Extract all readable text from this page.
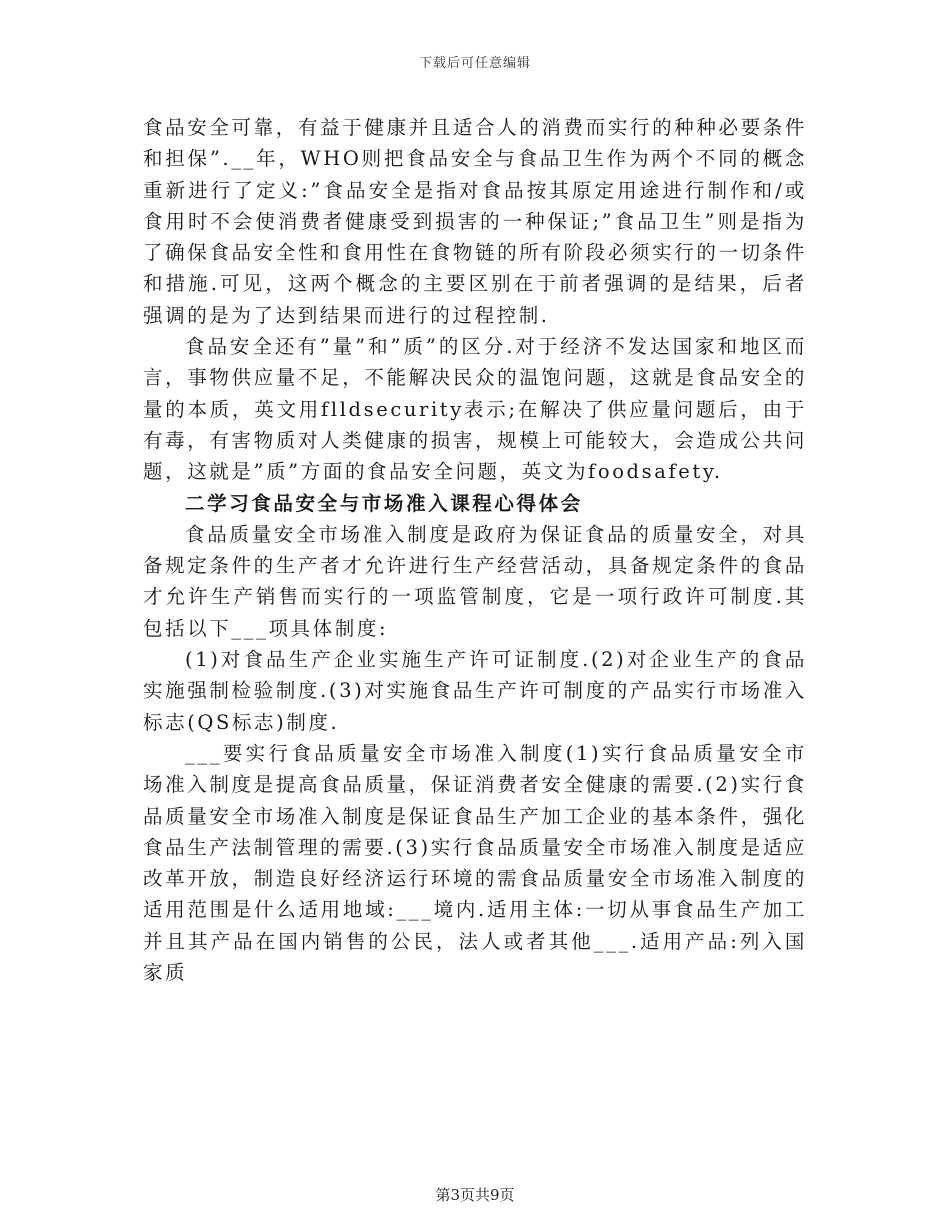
下载后可任意编辑

食品安全可靠，有益于健康并且适合人的消费而实行的种种必要条件和担保”.__年，WHO则把食品安全与食品卫生作为两个不同的概念重新进行了定义:”食品安全是指对食品按其原定用途进行制作和/或食用时不会使消费者健康受到损害的一种保证;”食品卫生”则是指为了确保食品安全性和食用性在食物链的所有阶段必须实行的一切条件和措施.可见，这两个概念的主要区别在于前者强调的是结果，后者强调的是为了达到结果而进行的过程控制.

食品安全还有”量”和”质”的区分.对于经济不发达国家和地区而言，事物供应量不足，不能解决民众的温饱问题，这就是食品安全的量的本质，英文用flldsecurity表示;在解决了供应量问题后，由于有毒，有害物质对人类健康的损害，规模上可能较大，会造成公共问题，这就是”质”方面的食品安全问题，英文为foodsafety.

二学习食品安全与市场准入课程心得体会

食品质量安全市场准入制度是政府为保证食品的质量安全，对具备规定条件的生产者才允许进行生产经营活动，具备规定条件的食品才允许生产销售而实行的一项监管制度，它是一项行政许可制度.其包括以下___项具体制度:

(1)对食品生产企业实施生产许可证制度.(2)对企业生产的食品实施强制检验制度.(3)对实施食品生产许可制度的产品实行市场准入标志(QS标志)制度.

___要实行食品质量安全市场准入制度(1)实行食品质量安全市场准入制度是提高食品质量，保证消费者安全健康的需要.(2)实行食品质量安全市场准入制度是保证食品生产加工企业的基本条件，强化食品生产法制管理的需要.(3)实行食品质量安全市场准入制度是适应改革开放，制造良好经济运行环境的需食品质量安全市场准入制度的适用范围是什么适用地域:___境内.适用主体:一切从事食品生产加工并且其产品在国内销售的公民，法人或者其他___.适用产品:列入国家质

第3页共9页
